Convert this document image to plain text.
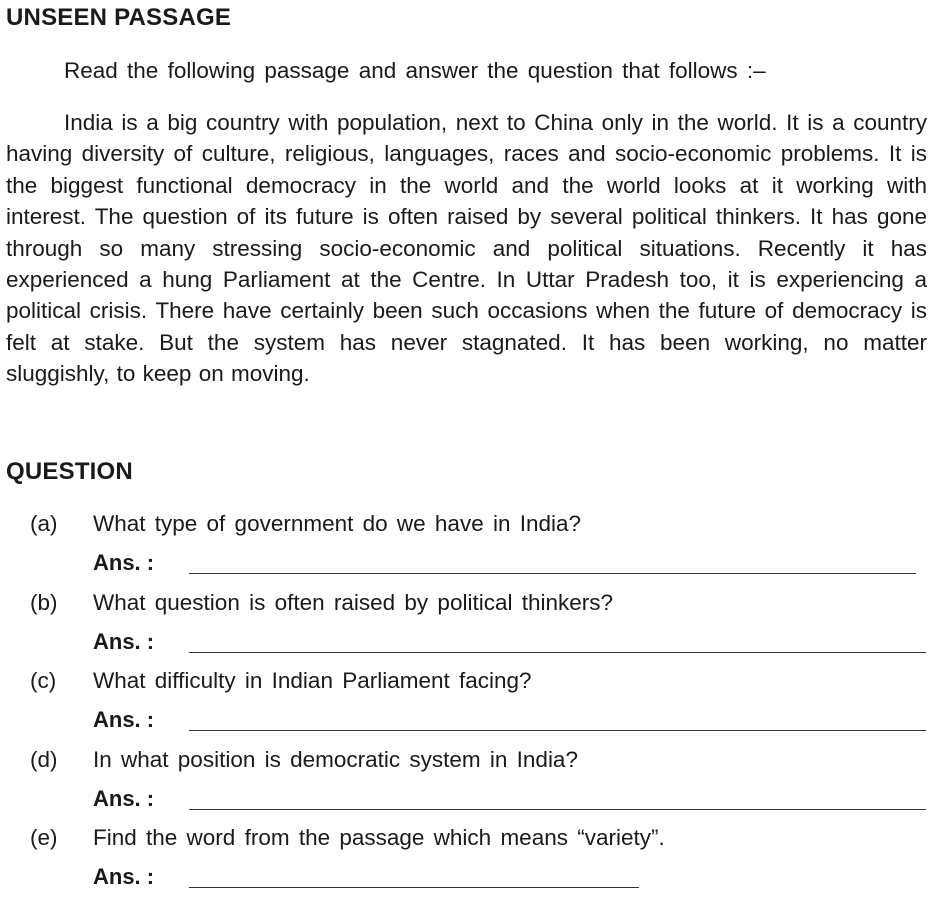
UNSEEN PASSAGE

Read the following passage and answer the question that follows :–

India is a big country with population, next to China only in the world. It is a country having diversity of culture, religious, languages, races and socio-economic problems. It is the biggest functional democracy in the world and the world looks at it working with interest. The question of its future is often raised by several political thinkers. It has gone through so many stressing socio-economic and political situations. Recently it has experienced a hung Parliament at the Centre. In Uttar Pradesh too, it is experiencing a political crisis. There have certainly been such occasions when the future of democracy is felt at stake. But the system has never stagnated. It has been working, no matter sluggishly, to keep on moving.

QUESTION
(a) What type of government do we have in India?
Ans. :
(b) What question is often raised by political thinkers?
Ans. :
(c) What difficulty in Indian Parliament facing?
Ans. :
(d) In what position is democratic system in India?
Ans. :
(e) Find the word from the passage which means “variety”.
Ans. :
